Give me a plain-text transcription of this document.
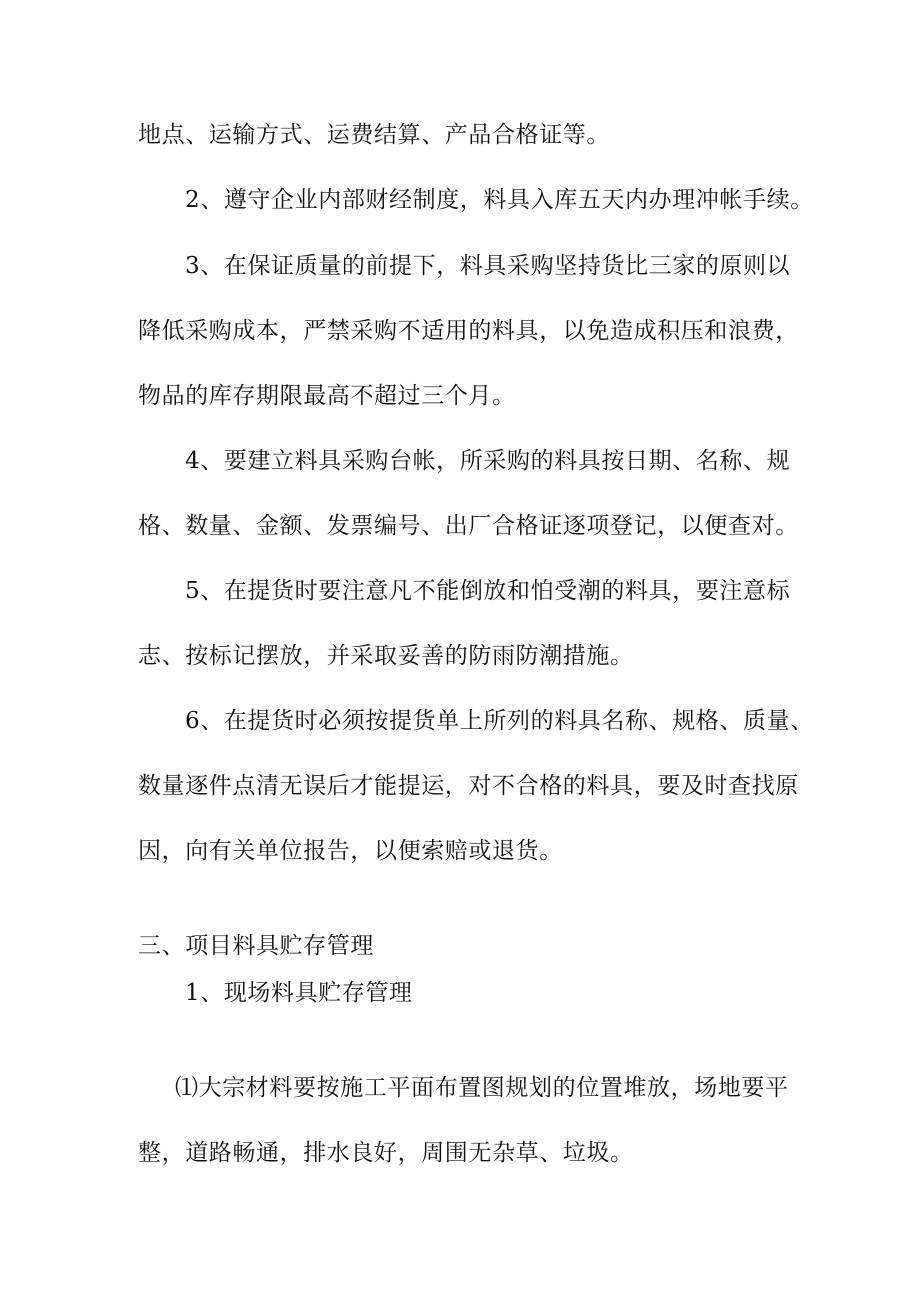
地点、运输方式、运费结算、产品合格证等。
2、遵守企业内部财经制度，料具入库五天内办理冲帐手续。
3、在保证质量的前提下，料具采购坚持货比三家的原则以
降低采购成本，严禁采购不适用的料具，以免造成积压和浪费，
物品的库存期限最高不超过三个月。
4、要建立料具采购台帐，所采购的料具按日期、名称、规
格、数量、金额、发票编号、出厂合格证逐项登记，以便查对。
5、在提货时要注意凡不能倒放和怕受潮的料具，要注意标
志、按标记摆放，并采取妥善的防雨防潮措施。
6、在提货时必须按提货单上所列的料具名称、规格、质量、
数量逐件点清无误后才能提运，对不合格的料具，要及时查找原
因，向有关单位报告，以便索赔或退货。
三、项目料具贮存管理
1、现场料具贮存管理
⑴大宗材料要按施工平面布置图规划的位置堆放，场地要平
整，道路畅通，排水良好，周围无杂草、垃圾。
